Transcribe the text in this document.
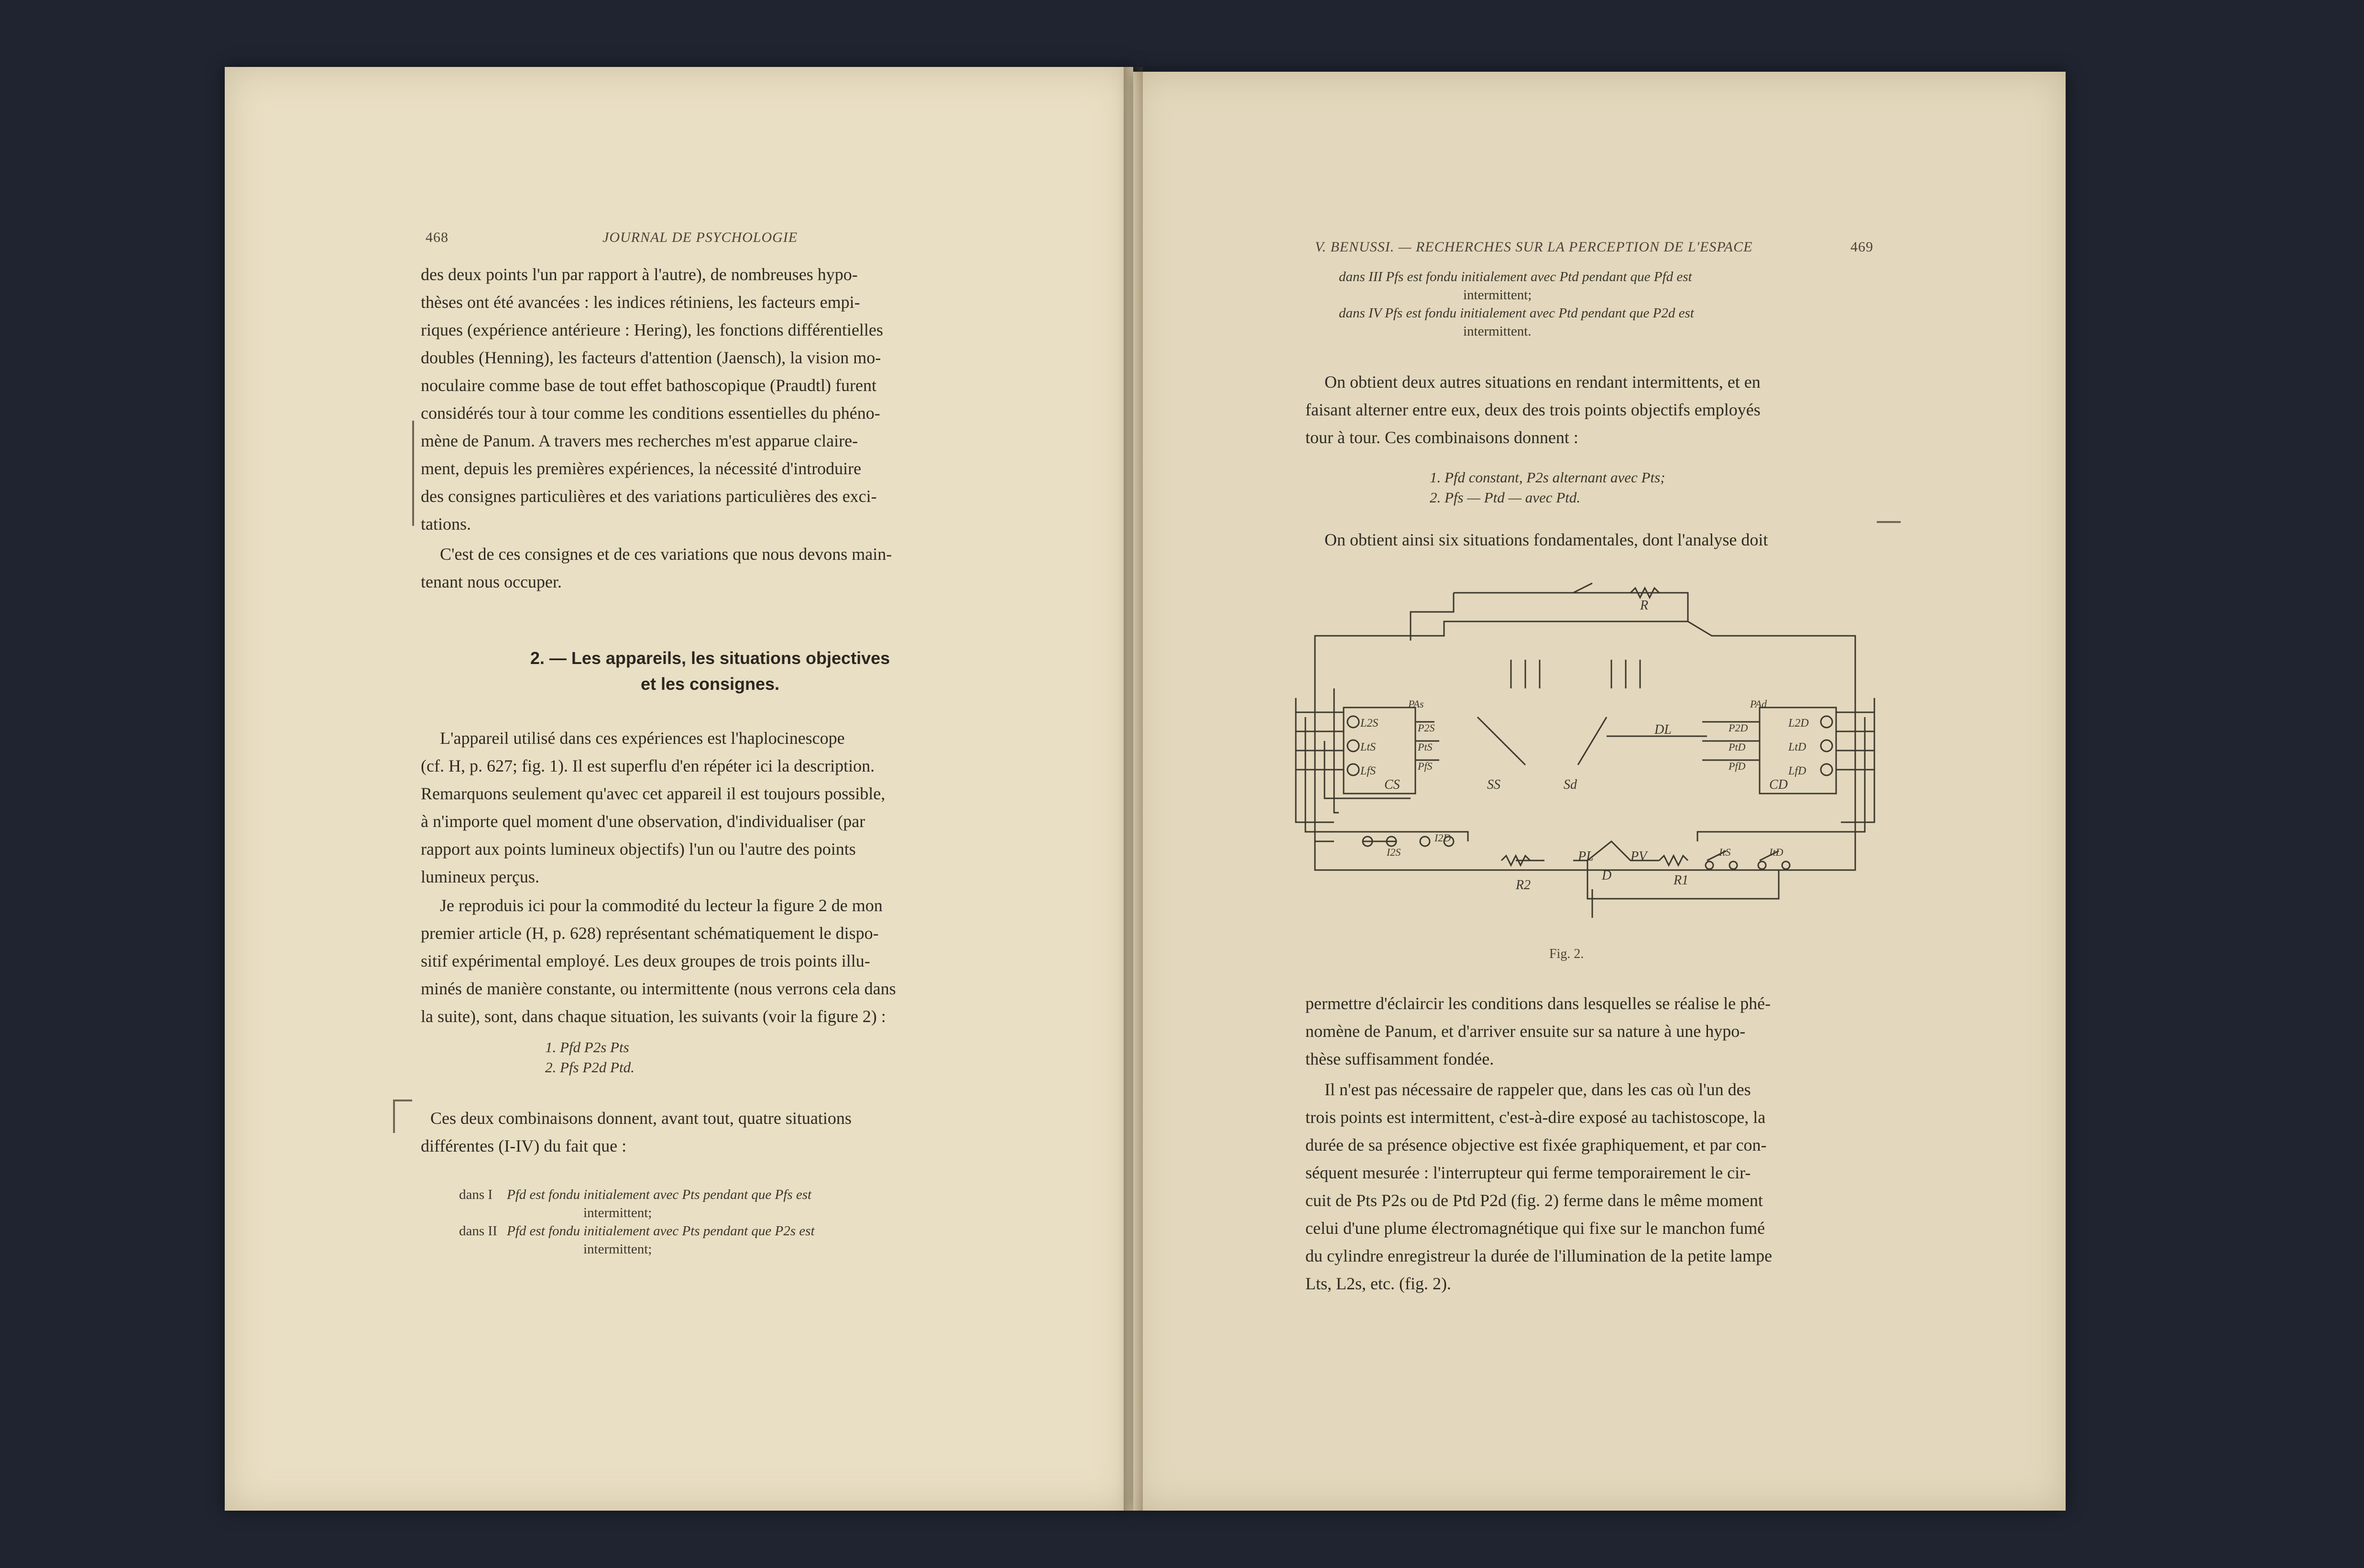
468	JOURNAL DE PSYCHOLOGIE
des deux points l'un par rapport à l'autre), de nombreuses hypo-
thèses ont été avancées : les indices rétiniens, les facteurs empi-
riques (expérience antérieure : Hering), les fonctions différentielles
doubles (Henning), les facteurs d'attention (Jaensch), la vision mo-
noculaire comme base de tout effet bathoscopique (Praudtl) furent
considérés tour à tour comme les conditions essentielles du phéno-
mène de Panum. A travers mes recherches m'est apparue claire-
ment, depuis les premières expériences, la nécessité d'introduire
des consignes particulières et des variations particulières des exci-
tations.
C'est de ces consignes et de ces variations que nous devons main-
tenant nous occuper.
2. — Les appareils, les situations objectives
et les consignes.
L'appareil utilisé dans ces expériences est l'haplocinescope
(cf. H, p. 627; fig. 1). Il est superflu d'en répéter ici la description.
Remarquons seulement qu'avec cet appareil il est toujours possible,
à n'importe quel moment d'une observation, d'individualiser (par
rapport aux points lumineux objectifs) l'un ou l'autre des points
lumineux perçus.
Je reproduis ici pour la commodité du lecteur la figure 2 de mon
premier article (H, p. 628) représentant schématiquement le dispo-
sitif expérimental employé. Les deux groupes de trois points illu-
minés de manière constante, ou intermittente (nous verrons cela dans
la suite), sont, dans chaque situation, les suivants (voir la figure 2) :
1. Pfd P2s Pts
2. Pfs P2d Ptd.
Ces deux combinaisons donnent, avant tout, quatre situations
différentes (I-IV) du fait que :
dans I Pfd est fondu initialement avec Pts pendant que Pfs est
intermittent;
dans II Pfd est fondu initialement avec Pts pendant que P2s est
intermittent;
V. BENUSSI. — RECHERCHES SUR LA PERCEPTION DE L'ESPACE	469
dans III Pfs est fondu initialement avec Ptd pendant que Pfd est
intermittent;
dans IV Pfs est fondu initialement avec Ptd pendant que P2d est
intermittent.
On obtient deux autres situations en rendant intermittents, et en
faisant alterner entre eux, deux des trois points objectifs employés
tour à tour. Ces combinaisons donnent :
1. Pfd constant, P2s alternant avec Pts;
2. Pfs — Ptd — avec Ptd.
On obtient ainsi six situations fondamentales, dont l'analyse doit
R
R2	R1
PL	PV
D
CS	CD
SS	Sd
DL
L2S
LtS
LfS
L2D
LtD
LfD
PAs	PAd
P2S
PtS
PfS
P2D
PtD
PfD
I2S
I2D
ItS	ItD
Fig. 2.
permettre d'éclaircir les conditions dans lesquelles se réalise le phé-
nomène de Panum, et d'arriver ensuite sur sa nature à une hypo-
thèse suffisamment fondée.
Il n'est pas nécessaire de rappeler que, dans les cas où l'un des
trois points est intermittent, c'est-à-dire exposé au tachistoscope, la
durée de sa présence objective est fixée graphiquement, et par con-
séquent mesurée : l'interrupteur qui ferme temporairement le cir-
cuit de Pts P2s ou de Ptd P2d (fig. 2) ferme dans le même moment
celui d'une plume électromagnétique qui fixe sur le manchon fumé
du cylindre enregistreur la durée de l'illumination de la petite lampe
Lts, L2s, etc. (fig. 2).
